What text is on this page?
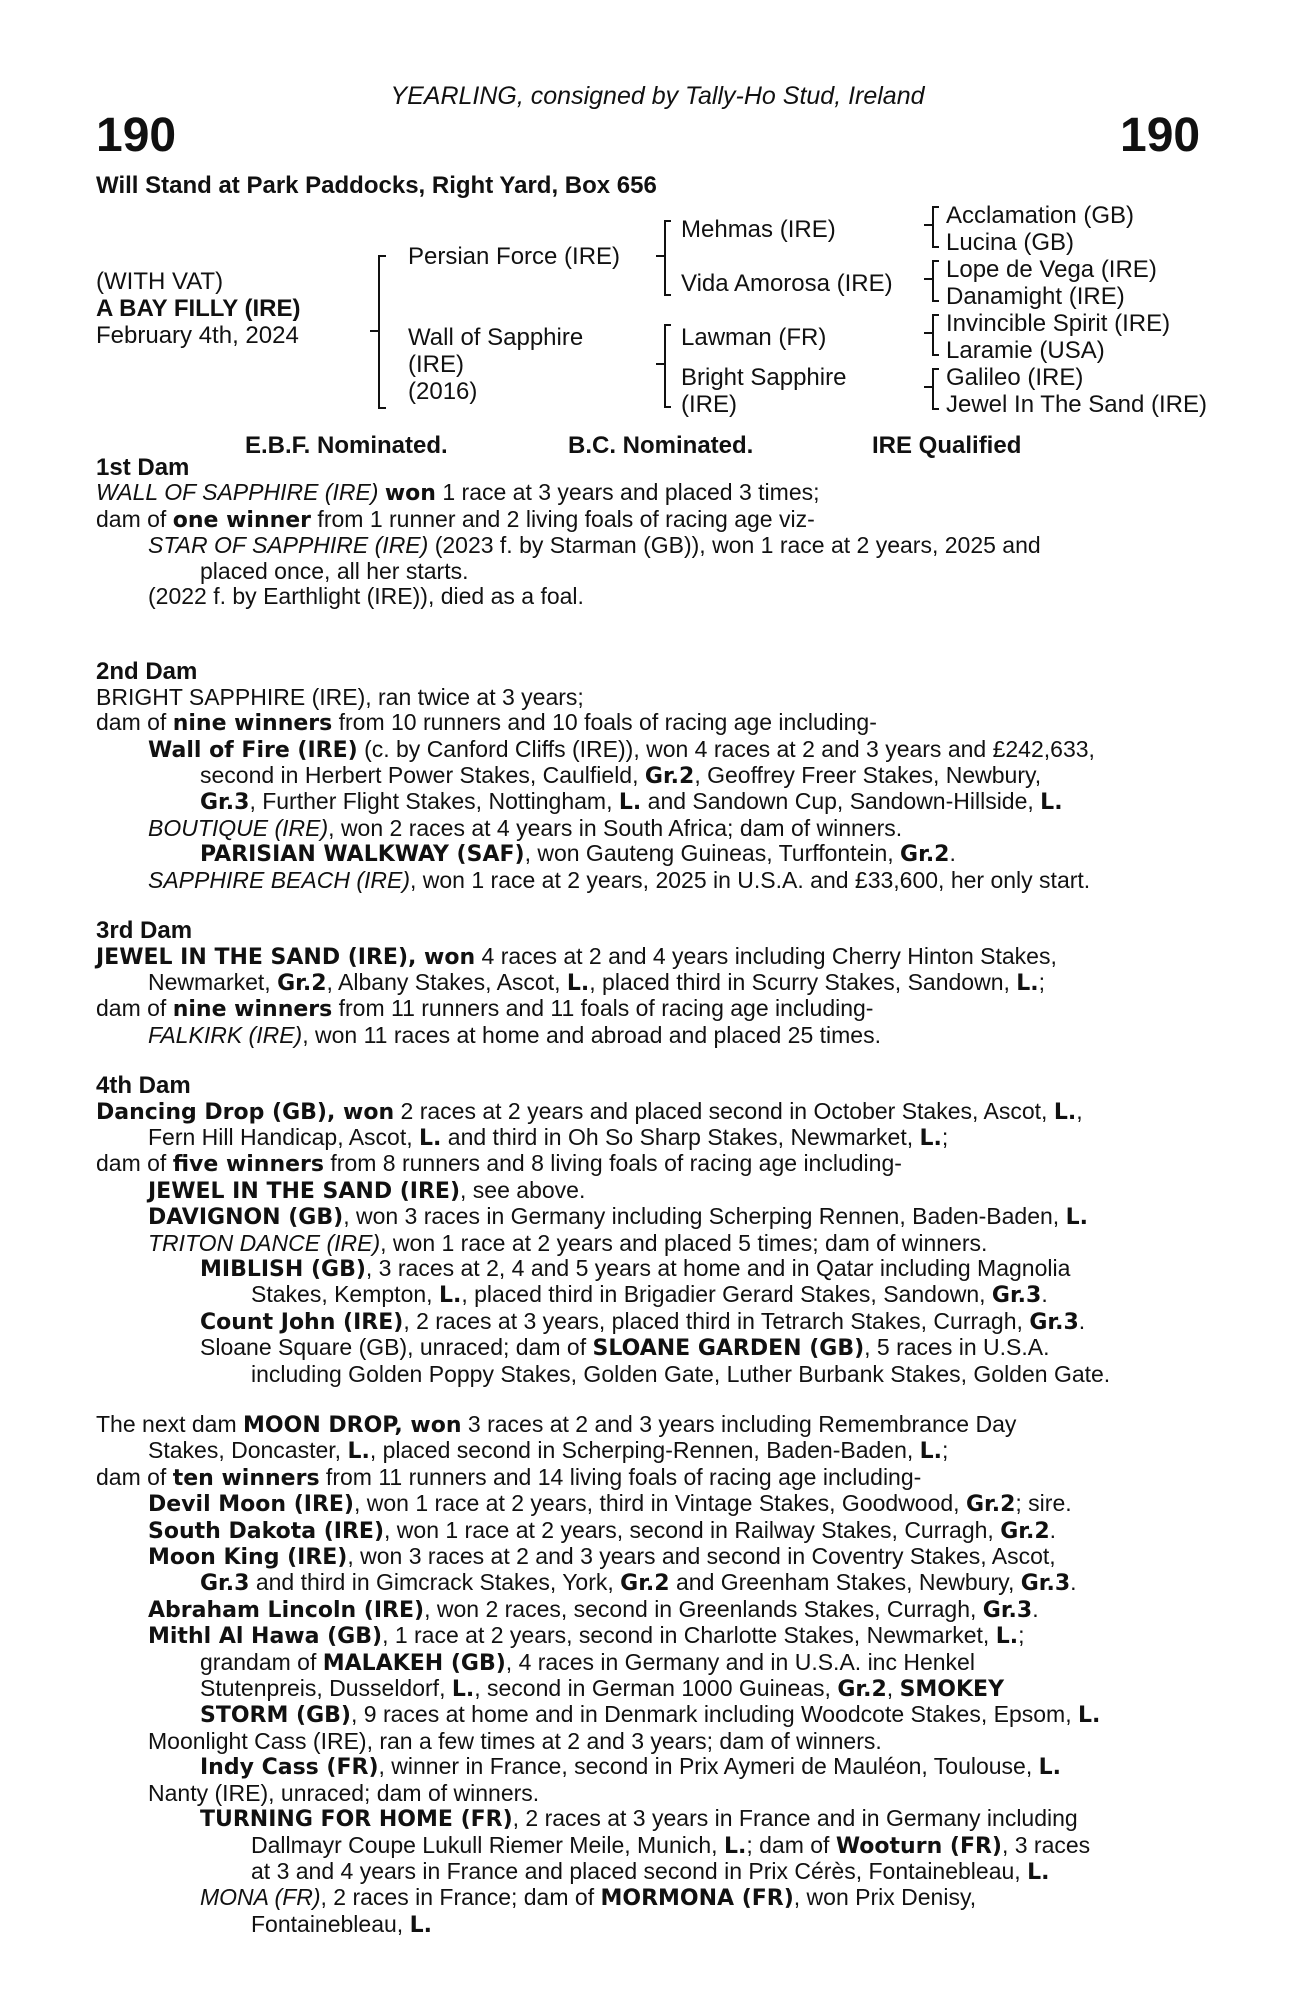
YEARLING, consigned by Tally-Ho Stud, Ireland
190	190
Will Stand at Park Paddocks, Right Yard, Box 656
(WITH VAT)
A BAY FILLY (IRE)
February 4th, 2024
Persian Force (IRE)
Wall of Sapphire
(IRE)
(2016)
Mehmas (IRE)
Vida Amorosa (IRE)
Lawman (FR)
Bright Sapphire
(IRE)
Acclamation (GB)
Lucina (GB)
Lope de Vega (IRE)
Danamight (IRE)
Invincible Spirit (IRE)
Laramie (USA)
Galileo (IRE)
Jewel In The Sand (IRE)
E.B.F. Nominated.	B.C. Nominated.	IRE Qualified
1st Dam
WALL OF SAPPHIRE (IRE) won 1 race at 3 years and placed 3 times;
dam of one winner from 1 runner and 2 living foals of racing age viz-
STAR OF SAPPHIRE (IRE) (2023 f. by Starman (GB)), won 1 race at 2 years, 2025 and
placed once, all her starts.
(2022 f. by Earthlight (IRE)), died as a foal.
2nd Dam
BRIGHT SAPPHIRE (IRE), ran twice at 3 years;
dam of nine winners from 10 runners and 10 foals of racing age including-
Wall of Fire (IRE) (c. by Canford Cliffs (IRE)), won 4 races at 2 and 3 years and £242,633,
second in Herbert Power Stakes, Caulfield, Gr.2, Geoffrey Freer Stakes, Newbury,
Gr.3, Further Flight Stakes, Nottingham, L. and Sandown Cup, Sandown-Hillside, L.
BOUTIQUE (IRE), won 2 races at 4 years in South Africa; dam of winners.
PARISIAN WALKWAY (SAF), won Gauteng Guineas, Turffontein, Gr.2.
SAPPHIRE BEACH (IRE), won 1 race at 2 years, 2025 in U.S.A. and £33,600, her only start.
3rd Dam
JEWEL IN THE SAND (IRE), won 4 races at 2 and 4 years including Cherry Hinton Stakes,
Newmarket, Gr.2, Albany Stakes, Ascot, L., placed third in Scurry Stakes, Sandown, L.;
dam of nine winners from 11 runners and 11 foals of racing age including-
FALKIRK (IRE), won 11 races at home and abroad and placed 25 times.
4th Dam
Dancing Drop (GB), won 2 races at 2 years and placed second in October Stakes, Ascot, L.,
Fern Hill Handicap, Ascot, L. and third in Oh So Sharp Stakes, Newmarket, L.;
dam of five winners from 8 runners and 8 living foals of racing age including-
JEWEL IN THE SAND (IRE), see above.
DAVIGNON (GB), won 3 races in Germany including Scherping Rennen, Baden-Baden, L.
TRITON DANCE (IRE), won 1 race at 2 years and placed 5 times; dam of winners.
MIBLISH (GB), 3 races at 2, 4 and 5 years at home and in Qatar including Magnolia
Stakes, Kempton, L., placed third in Brigadier Gerard Stakes, Sandown, Gr.3.
Count John (IRE), 2 races at 3 years, placed third in Tetrarch Stakes, Curragh, Gr.3.
Sloane Square (GB), unraced; dam of SLOANE GARDEN (GB), 5 races in U.S.A.
including Golden Poppy Stakes, Golden Gate, Luther Burbank Stakes, Golden Gate.
The next dam MOON DROP, won 3 races at 2 and 3 years including Remembrance Day
Stakes, Doncaster, L., placed second in Scherping-Rennen, Baden-Baden, L.;
dam of ten winners from 11 runners and 14 living foals of racing age including-
Devil Moon (IRE), won 1 race at 2 years, third in Vintage Stakes, Goodwood, Gr.2; sire.
South Dakota (IRE), won 1 race at 2 years, second in Railway Stakes, Curragh, Gr.2.
Moon King (IRE), won 3 races at 2 and 3 years and second in Coventry Stakes, Ascot,
Gr.3 and third in Gimcrack Stakes, York, Gr.2 and Greenham Stakes, Newbury, Gr.3.
Abraham Lincoln (IRE), won 2 races, second in Greenlands Stakes, Curragh, Gr.3.
Mithl Al Hawa (GB), 1 race at 2 years, second in Charlotte Stakes, Newmarket, L.;
grandam of MALAKEH (GB), 4 races in Germany and in U.S.A. inc Henkel
Stutenpreis, Dusseldorf, L., second in German 1000 Guineas, Gr.2, SMOKEY
STORM (GB), 9 races at home and in Denmark including Woodcote Stakes, Epsom, L.
Moonlight Cass (IRE), ran a few times at 2 and 3 years; dam of winners.
Indy Cass (FR), winner in France, second in Prix Aymeri de Mauléon, Toulouse, L.
Nanty (IRE), unraced; dam of winners.
TURNING FOR HOME (FR), 2 races at 3 years in France and in Germany including
Dallmayr Coupe Lukull Riemer Meile, Munich, L.; dam of Wooturn (FR), 3 races
at 3 and 4 years in France and placed second in Prix Cérès, Fontainebleau, L.
MONA (FR), 2 races in France; dam of MORMONA (FR), won Prix Denisy,
Fontainebleau, L.
